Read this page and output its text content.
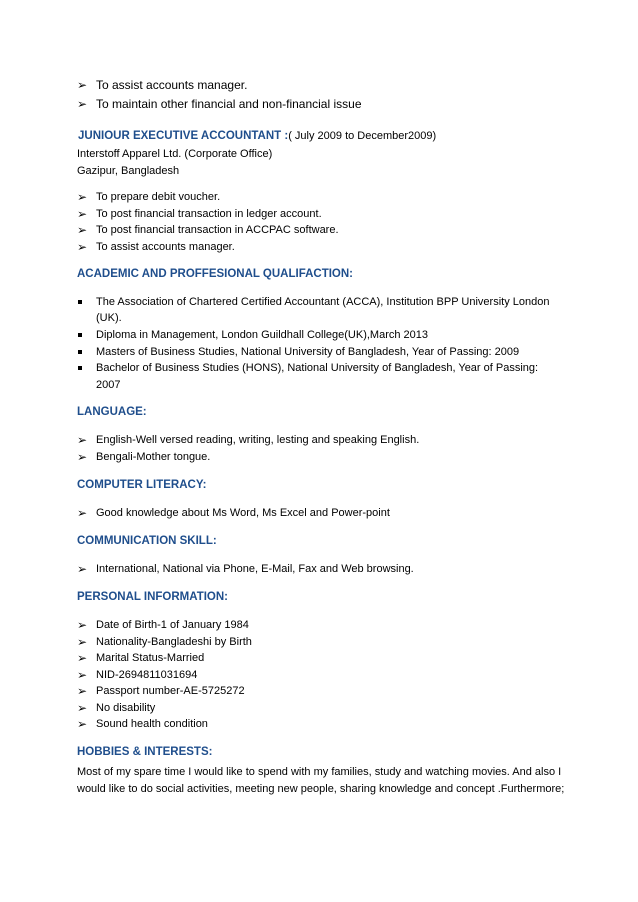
➢ To assist accounts manager.
➢ To maintain other financial and non-financial issue
JUNIOUR EXECUTIVE ACCOUNTANT :( July 2009 to December2009)
Interstoff Apparel Ltd. (Corporate Office)
Gazipur, Bangladesh
➢ To prepare debit voucher.
➢ To post financial transaction in ledger account.
➢ To post financial transaction in ACCPAC software.
➢ To assist accounts manager.
ACADEMIC AND PROFFESIONAL QUALIFACTION:
The Association of Chartered Certified Accountant (ACCA), Institution BPP University London
(UK).
Diploma in Management, London Guildhall College(UK),March 2013
Masters of Business Studies, National University of Bangladesh, Year of Passing: 2009
Bachelor of Business Studies (HONS), National University of Bangladesh, Year of Passing:
2007
LANGUAGE:
➢ English-Well versed reading, writing, lesting and speaking English.
➢ Bengali-Mother tongue.
COMPUTER LITERACY:
➢ Good knowledge about Ms Word, Ms Excel and Power-point
COMMUNICATION SKILL:
➢ International, National via Phone, E-Mail, Fax and Web browsing.
PERSONAL INFORMATION:
➢ Date of Birth-1 of January 1984
➢ Nationality-Bangladeshi by Birth
➢ Marital Status-Married
➢ NID-2694811031694
➢ Passport number-AE-5725272
➢ No disability
➢ Sound health condition
HOBBIES & INTERESTS:
Most of my spare time I would like to spend with my families, study and watching movies. And also I
would like to do social activities, meeting new people, sharing knowledge and concept .Furthermore;
